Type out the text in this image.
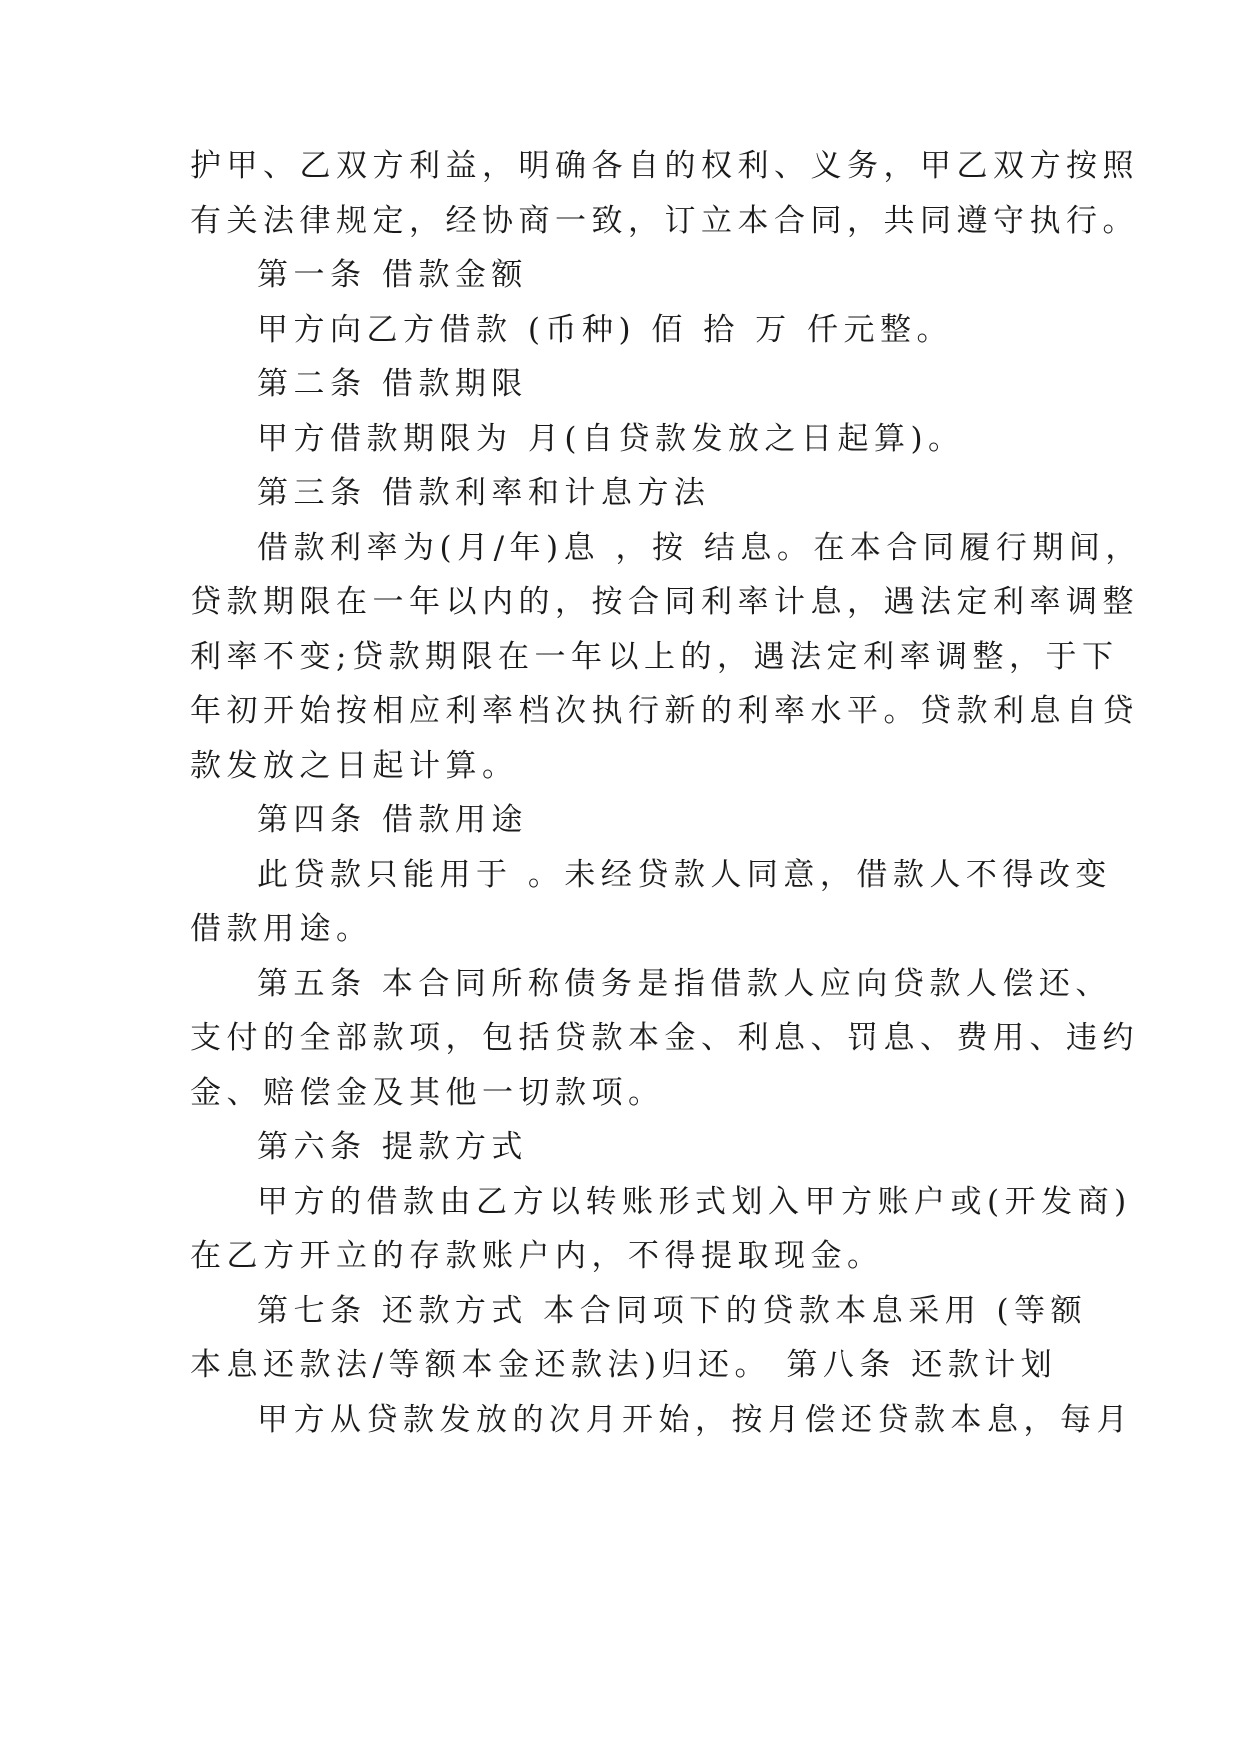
护甲、乙双方利益，明确各自的权利、义务，甲乙双方按照
有关法律规定，经协商一致，订立本合同，共同遵守执行。
第一条 借款金额
甲方向乙方借款 (币种) 佰 拾 万 仟元整。
第二条 借款期限
甲方借款期限为 月(自贷款发放之日起算)。
第三条 借款利率和计息方法
借款利率为(月/年)息 ，按 结息。在本合同履行期间，
贷款期限在一年以内的，按合同利率计息，遇法定利率调整
利率不变;贷款期限在一年以上的，遇法定利率调整，于下
年初开始按相应利率档次执行新的利率水平。贷款利息自贷
款发放之日起计算。
第四条 借款用途
此贷款只能用于 。未经贷款人同意，借款人不得改变
借款用途。
第五条 本合同所称债务是指借款人应向贷款人偿还、
支付的全部款项，包括贷款本金、利息、罚息、费用、违约
金、赔偿金及其他一切款项。
第六条 提款方式
甲方的借款由乙方以转账形式划入甲方账户或(开发商)
在乙方开立的存款账户内，不得提取现金。
第七条 还款方式 本合同项下的贷款本息采用 (等额
本息还款法/等额本金还款法)归还。 第八条 还款计划
甲方从贷款发放的次月开始，按月偿还贷款本息，每月
